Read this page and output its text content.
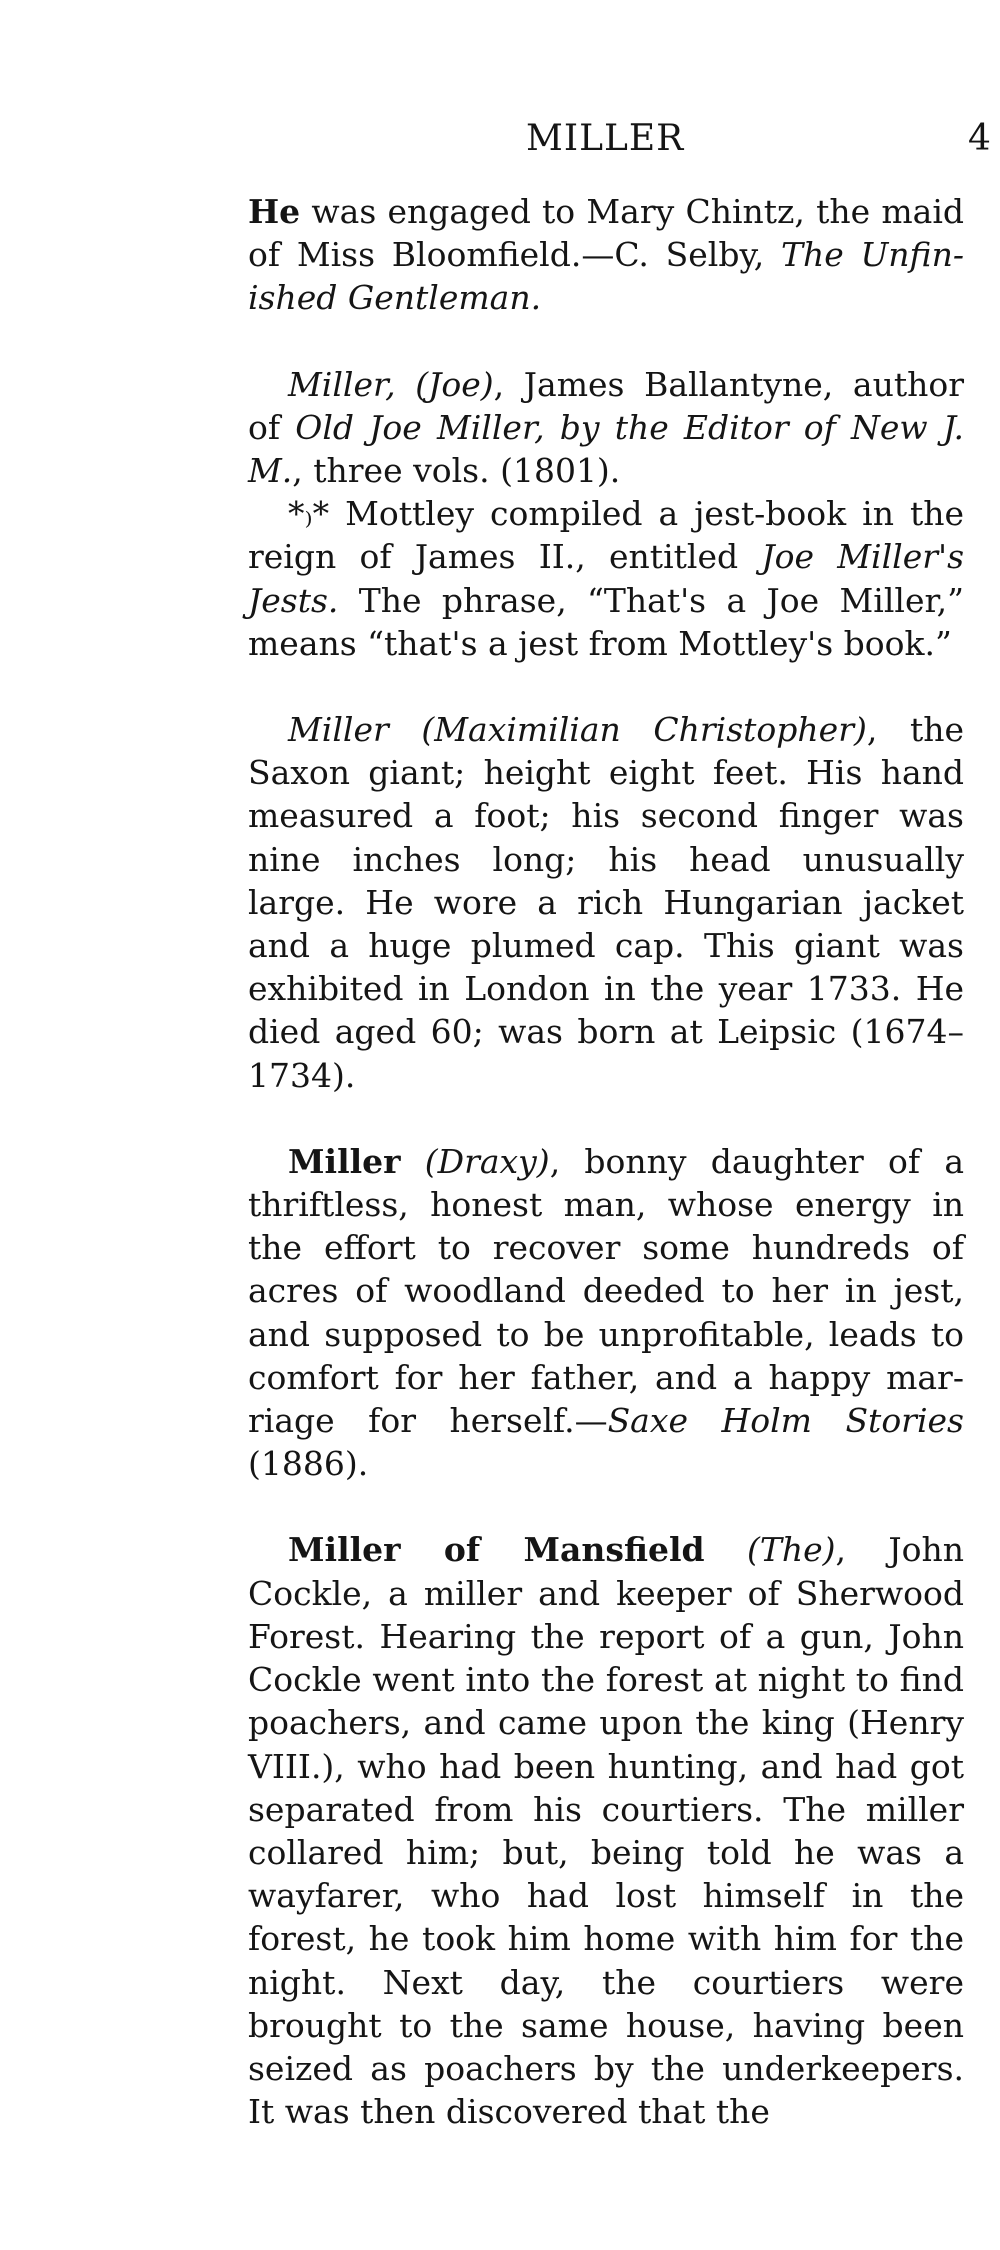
MILLER	4

He was engaged to Mary Chintz, the maid of Miss Bloomfield.—C. Selby, The Unfinished Gentleman.

Miller, (Joe), James Ballantyne, author of Old Joe Miller, by the Editor of New J. M., three vols. (1801).

*₎* Mottley compiled a jest-book in the reign of James II., entitled Joe Miller's Jests. The phrase, “That's a Joe Miller,” means “that's a jest from Mottley's book.”

Miller (Maximilian Christopher), the Saxon giant; height eight feet. His hand measured a foot; his second finger was nine inches long; his head unusually large. He wore a rich Hungarian jacket and a huge plumed cap. This giant was exhibited in London in the year 1733. He died aged 60; was born at Leipsic (1674–1734).

Miller (Draxy), bonny daughter of a thriftless, honest man, whose energy in the effort to recover some hundreds of acres of woodland deeded to her in jest, and supposed to be unprofitable, leads to comfort for her father, and a happy marriage for herself.—Saxe Holm Stories (1886).

Miller of Mansfield (The), John Cockle, a miller and keeper of Sherwood Forest. Hearing the report of a gun, John Cockle went into the forest at night to find poachers, and came upon the king (Henry VIII.), who had been hunting, and had got separated from his courtiers. The miller collared him; but, being told he was a wayfarer, who had lost himself in the forest, he took him home with him for the night. Next day, the courtiers were brought to the same house, having been seized as poachers by the underkeepers. It was then discovered that the
